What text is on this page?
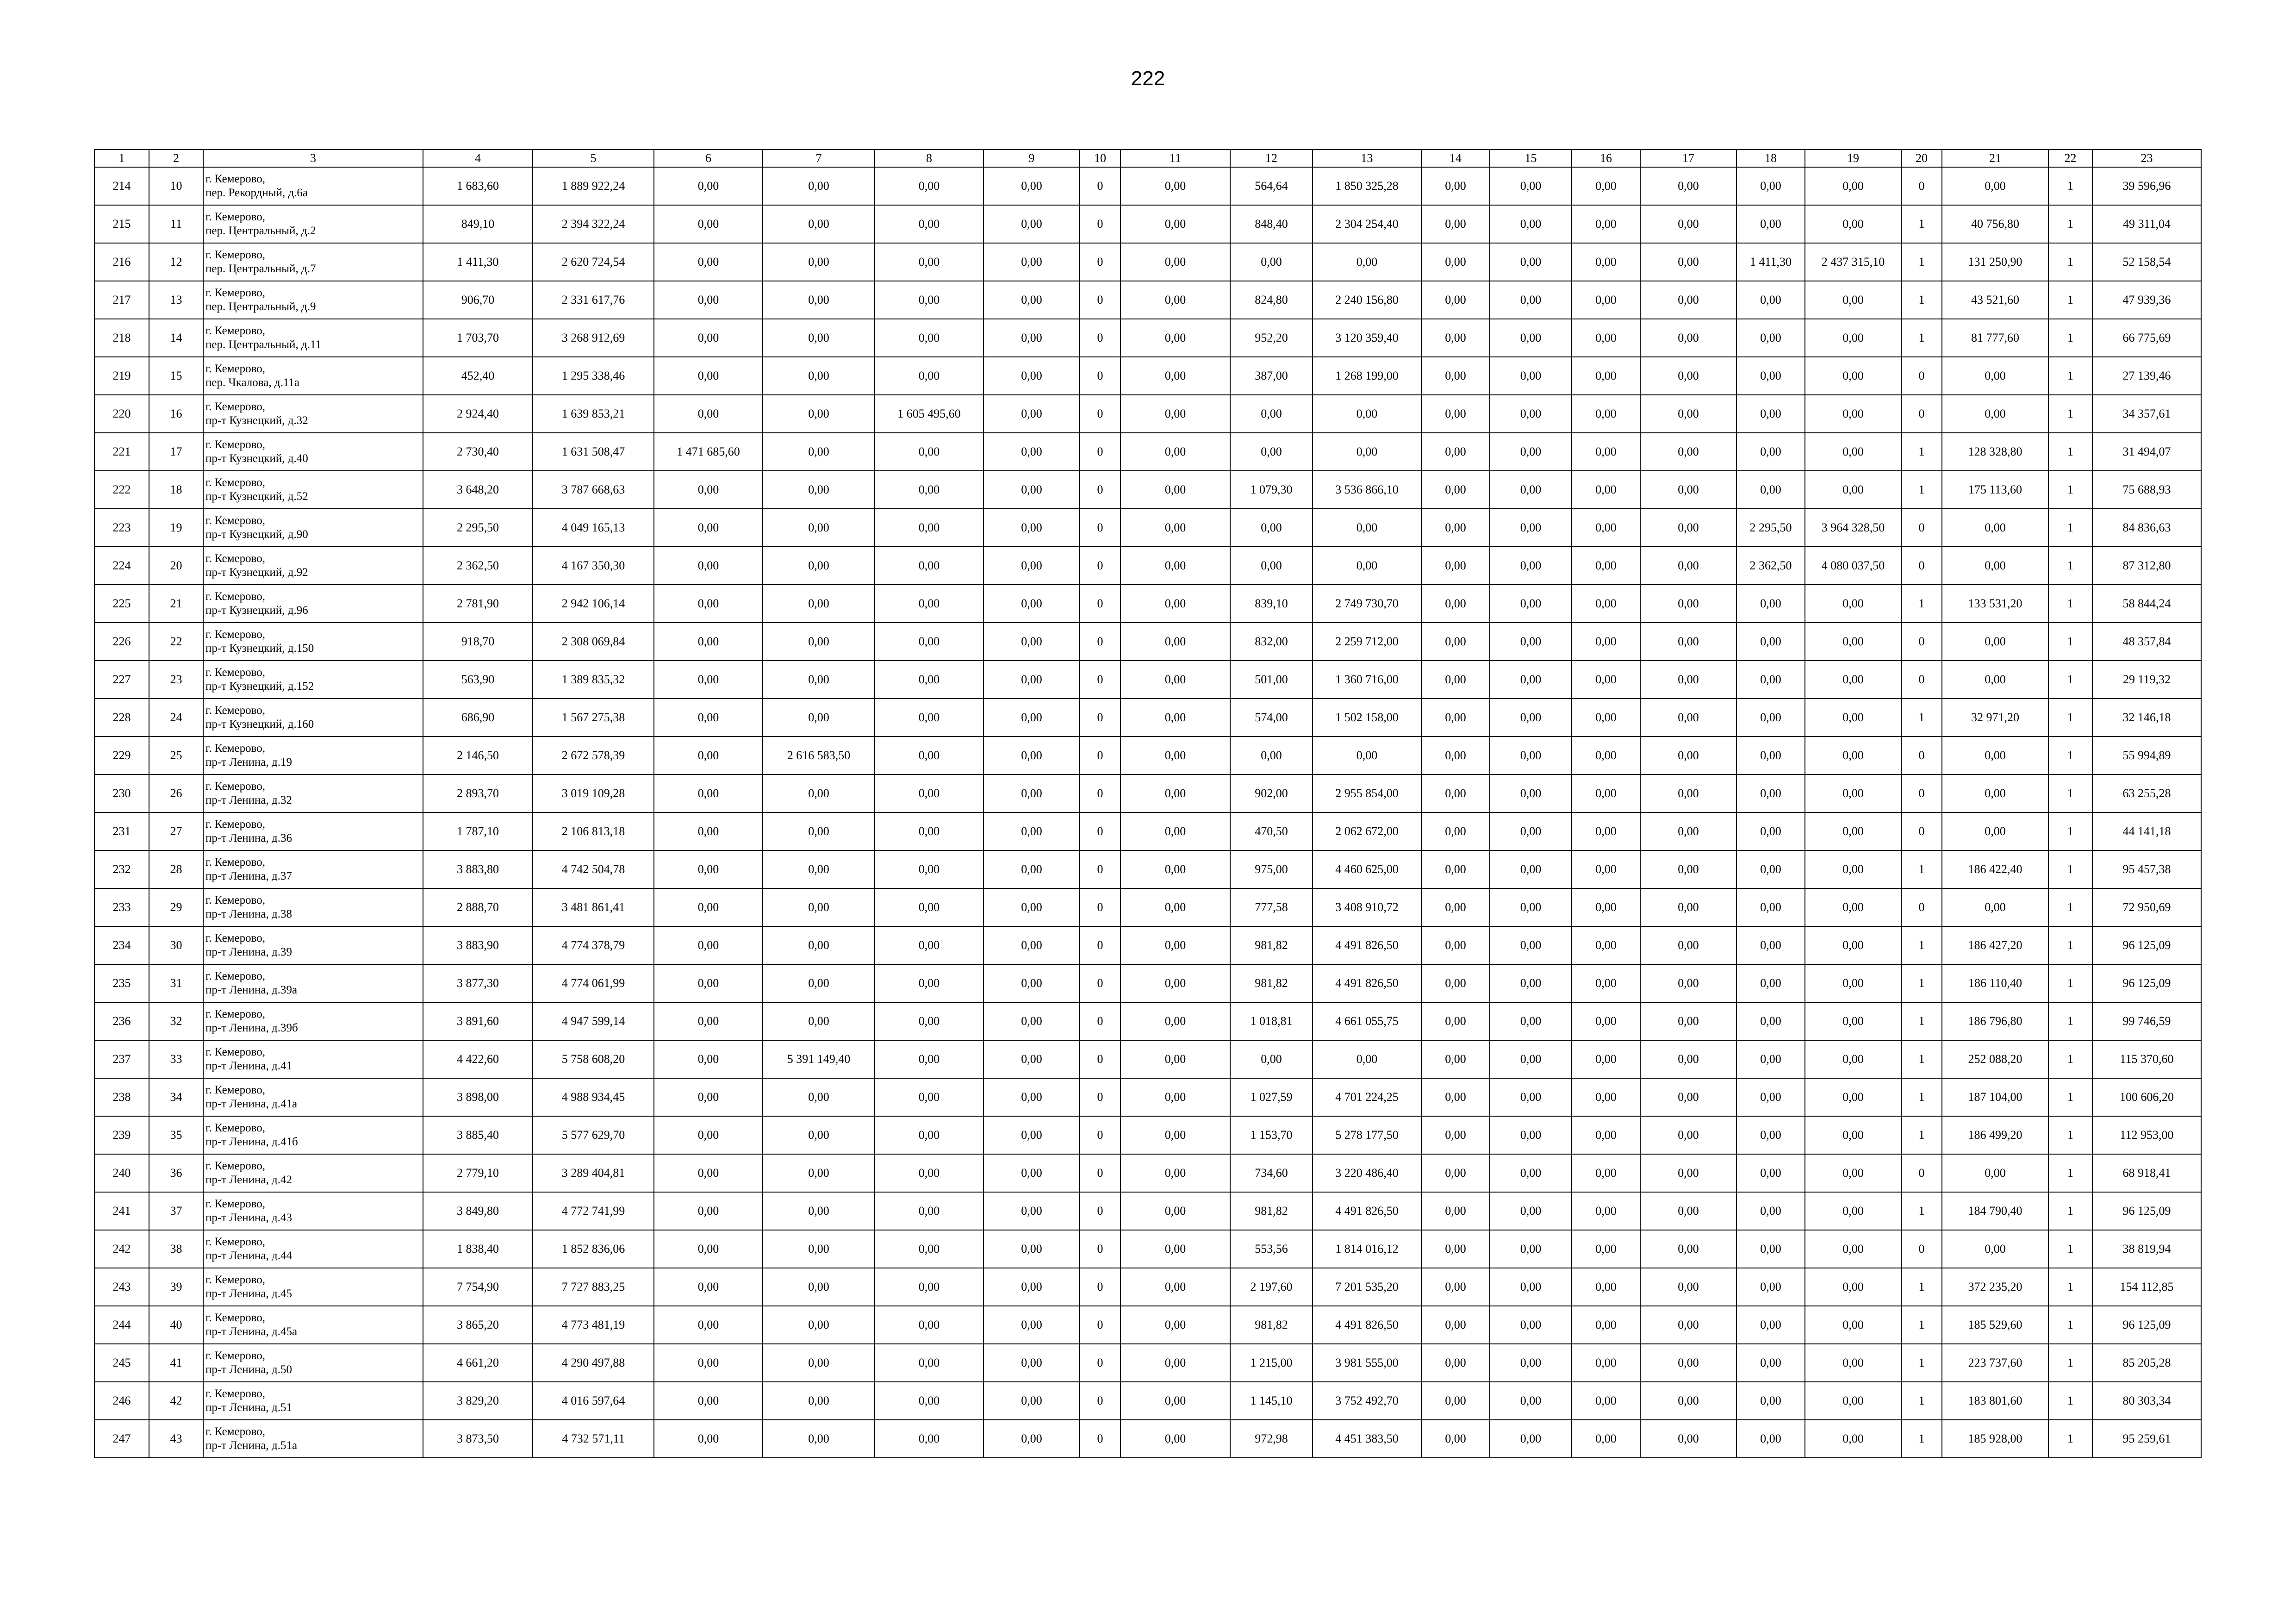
222
1	2	3	4	5	6	7	8	9	10	11	12	13	14	15	16	17	18	19	20	21	22	23
214	10	г. Кемерово,
пер. Рекордный, д.6а	1 683,60	1 889 922,24	0,00	0,00	0,00	0,00	0	0,00	564,64	1 850 325,28	0,00	0,00	0,00	0,00	0,00	0,00	0	0,00	1	39 596,96
215	11	г. Кемерово,
пер. Центральный, д.2	849,10	2 394 322,24	0,00	0,00	0,00	0,00	0	0,00	848,40	2 304 254,40	0,00	0,00	0,00	0,00	0,00	0,00	1	40 756,80	1	49 311,04
216	12	г. Кемерово,
пер. Центральный, д.7	1 411,30	2 620 724,54	0,00	0,00	0,00	0,00	0	0,00	0,00	0,00	0,00	0,00	0,00	0,00	1 411,30	2 437 315,10	1	131 250,90	1	52 158,54
217	13	г. Кемерово,
пер. Центральный, д.9	906,70	2 331 617,76	0,00	0,00	0,00	0,00	0	0,00	824,80	2 240 156,80	0,00	0,00	0,00	0,00	0,00	0,00	1	43 521,60	1	47 939,36
218	14	г. Кемерово,
пер. Центральный, д.11	1 703,70	3 268 912,69	0,00	0,00	0,00	0,00	0	0,00	952,20	3 120 359,40	0,00	0,00	0,00	0,00	0,00	0,00	1	81 777,60	1	66 775,69
219	15	г. Кемерово,
пер. Чкалова, д.11а	452,40	1 295 338,46	0,00	0,00	0,00	0,00	0	0,00	387,00	1 268 199,00	0,00	0,00	0,00	0,00	0,00	0,00	0	0,00	1	27 139,46
220	16	г. Кемерово,
пр-т Кузнецкий, д.32	2 924,40	1 639 853,21	0,00	0,00	1 605 495,60	0,00	0	0,00	0,00	0,00	0,00	0,00	0,00	0,00	0,00	0,00	0	0,00	1	34 357,61
221	17	г. Кемерово,
пр-т Кузнецкий, д.40	2 730,40	1 631 508,47	1 471 685,60	0,00	0,00	0,00	0	0,00	0,00	0,00	0,00	0,00	0,00	0,00	0,00	0,00	1	128 328,80	1	31 494,07
222	18	г. Кемерово,
пр-т Кузнецкий, д.52	3 648,20	3 787 668,63	0,00	0,00	0,00	0,00	0	0,00	1 079,30	3 536 866,10	0,00	0,00	0,00	0,00	0,00	0,00	1	175 113,60	1	75 688,93
223	19	г. Кемерово,
пр-т Кузнецкий, д.90	2 295,50	4 049 165,13	0,00	0,00	0,00	0,00	0	0,00	0,00	0,00	0,00	0,00	0,00	0,00	2 295,50	3 964 328,50	0	0,00	1	84 836,63
224	20	г. Кемерово,
пр-т Кузнецкий, д.92	2 362,50	4 167 350,30	0,00	0,00	0,00	0,00	0	0,00	0,00	0,00	0,00	0,00	0,00	0,00	2 362,50	4 080 037,50	0	0,00	1	87 312,80
225	21	г. Кемерово,
пр-т Кузнецкий, д.96	2 781,90	2 942 106,14	0,00	0,00	0,00	0,00	0	0,00	839,10	2 749 730,70	0,00	0,00	0,00	0,00	0,00	0,00	1	133 531,20	1	58 844,24
226	22	г. Кемерово,
пр-т Кузнецкий, д.150	918,70	2 308 069,84	0,00	0,00	0,00	0,00	0	0,00	832,00	2 259 712,00	0,00	0,00	0,00	0,00	0,00	0,00	0	0,00	1	48 357,84
227	23	г. Кемерово,
пр-т Кузнецкий, д.152	563,90	1 389 835,32	0,00	0,00	0,00	0,00	0	0,00	501,00	1 360 716,00	0,00	0,00	0,00	0,00	0,00	0,00	0	0,00	1	29 119,32
228	24	г. Кемерово,
пр-т Кузнецкий, д.160	686,90	1 567 275,38	0,00	0,00	0,00	0,00	0	0,00	574,00	1 502 158,00	0,00	0,00	0,00	0,00	0,00	0,00	1	32 971,20	1	32 146,18
229	25	г. Кемерово,
пр-т Ленина, д.19	2 146,50	2 672 578,39	0,00	2 616 583,50	0,00	0,00	0	0,00	0,00	0,00	0,00	0,00	0,00	0,00	0,00	0,00	0	0,00	1	55 994,89
230	26	г. Кемерово,
пр-т Ленина, д.32	2 893,70	3 019 109,28	0,00	0,00	0,00	0,00	0	0,00	902,00	2 955 854,00	0,00	0,00	0,00	0,00	0,00	0,00	0	0,00	1	63 255,28
231	27	г. Кемерово,
пр-т Ленина, д.36	1 787,10	2 106 813,18	0,00	0,00	0,00	0,00	0	0,00	470,50	2 062 672,00	0,00	0,00	0,00	0,00	0,00	0,00	0	0,00	1	44 141,18
232	28	г. Кемерово,
пр-т Ленина, д.37	3 883,80	4 742 504,78	0,00	0,00	0,00	0,00	0	0,00	975,00	4 460 625,00	0,00	0,00	0,00	0,00	0,00	0,00	1	186 422,40	1	95 457,38
233	29	г. Кемерово,
пр-т Ленина, д.38	2 888,70	3 481 861,41	0,00	0,00	0,00	0,00	0	0,00	777,58	3 408 910,72	0,00	0,00	0,00	0,00	0,00	0,00	0	0,00	1	72 950,69
234	30	г. Кемерово,
пр-т Ленина, д.39	3 883,90	4 774 378,79	0,00	0,00	0,00	0,00	0	0,00	981,82	4 491 826,50	0,00	0,00	0,00	0,00	0,00	0,00	1	186 427,20	1	96 125,09
235	31	г. Кемерово,
пр-т Ленина, д.39а	3 877,30	4 774 061,99	0,00	0,00	0,00	0,00	0	0,00	981,82	4 491 826,50	0,00	0,00	0,00	0,00	0,00	0,00	1	186 110,40	1	96 125,09
236	32	г. Кемерово,
пр-т Ленина, д.39б	3 891,60	4 947 599,14	0,00	0,00	0,00	0,00	0	0,00	1 018,81	4 661 055,75	0,00	0,00	0,00	0,00	0,00	0,00	1	186 796,80	1	99 746,59
237	33	г. Кемерово,
пр-т Ленина, д.41	4 422,60	5 758 608,20	0,00	5 391 149,40	0,00	0,00	0	0,00	0,00	0,00	0,00	0,00	0,00	0,00	0,00	0,00	1	252 088,20	1	115 370,60
238	34	г. Кемерово,
пр-т Ленина, д.41а	3 898,00	4 988 934,45	0,00	0,00	0,00	0,00	0	0,00	1 027,59	4 701 224,25	0,00	0,00	0,00	0,00	0,00	0,00	1	187 104,00	1	100 606,20
239	35	г. Кемерово,
пр-т Ленина, д.41б	3 885,40	5 577 629,70	0,00	0,00	0,00	0,00	0	0,00	1 153,70	5 278 177,50	0,00	0,00	0,00	0,00	0,00	0,00	1	186 499,20	1	112 953,00
240	36	г. Кемерово,
пр-т Ленина, д.42	2 779,10	3 289 404,81	0,00	0,00	0,00	0,00	0	0,00	734,60	3 220 486,40	0,00	0,00	0,00	0,00	0,00	0,00	0	0,00	1	68 918,41
241	37	г. Кемерово,
пр-т Ленина, д.43	3 849,80	4 772 741,99	0,00	0,00	0,00	0,00	0	0,00	981,82	4 491 826,50	0,00	0,00	0,00	0,00	0,00	0,00	1	184 790,40	1	96 125,09
242	38	г. Кемерово,
пр-т Ленина, д.44	1 838,40	1 852 836,06	0,00	0,00	0,00	0,00	0	0,00	553,56	1 814 016,12	0,00	0,00	0,00	0,00	0,00	0,00	0	0,00	1	38 819,94
243	39	г. Кемерово,
пр-т Ленина, д.45	7 754,90	7 727 883,25	0,00	0,00	0,00	0,00	0	0,00	2 197,60	7 201 535,20	0,00	0,00	0,00	0,00	0,00	0,00	1	372 235,20	1	154 112,85
244	40	г. Кемерово,
пр-т Ленина, д.45а	3 865,20	4 773 481,19	0,00	0,00	0,00	0,00	0	0,00	981,82	4 491 826,50	0,00	0,00	0,00	0,00	0,00	0,00	1	185 529,60	1	96 125,09
245	41	г. Кемерово,
пр-т Ленина, д.50	4 661,20	4 290 497,88	0,00	0,00	0,00	0,00	0	0,00	1 215,00	3 981 555,00	0,00	0,00	0,00	0,00	0,00	0,00	1	223 737,60	1	85 205,28
246	42	г. Кемерово,
пр-т Ленина, д.51	3 829,20	4 016 597,64	0,00	0,00	0,00	0,00	0	0,00	1 145,10	3 752 492,70	0,00	0,00	0,00	0,00	0,00	0,00	1	183 801,60	1	80 303,34
247	43	г. Кемерово,
пр-т Ленина, д.51а	3 873,50	4 732 571,11	0,00	0,00	0,00	0,00	0	0,00	972,98	4 451 383,50	0,00	0,00	0,00	0,00	0,00	0,00	1	185 928,00	1	95 259,61
